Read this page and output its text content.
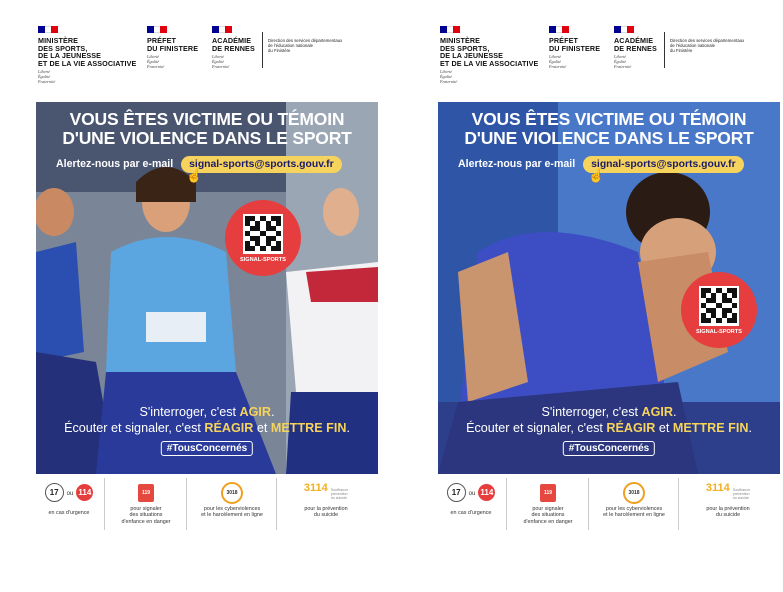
MINISTÈRE
DES SPORTS,
DE LA JEUNESSE
ET DE LA VIE ASSOCIATIVE
Liberté
Égalité
Fraternité
PRÉFET
DU FINISTERE
Liberté
Égalité
Fraternité
ACADÉMIE
DE RENNES
Liberté
Égalité
Fraternité
Direction des services départementaux
de l'éducation nationale
du Finistère
VOUS ÊTES VICTIME OU TÉMOIN
D'UNE VIOLENCE DANS LE SPORT
Alertez-nous par e-mail	signal-sports@sports.gouv.fr
☝
SIGNAL-SPORTS
S'interroger, c'est AGIR.
Écouter et signaler, c'est RÉAGIR et METTRE FIN.
#TousConcernés
17 ou 114
en cas d'urgence
119
pour signaler
des situations
d'enfance en danger
3018
pour les cyberviolences
et le harcèlement en ligne
3114 Souffrance
prévention
du suicide
pour la prévention
du suicide
MINISTÈRE
DES SPORTS,
DE LA JEUNESSE
ET DE LA VIE ASSOCIATIVE
Liberté
Égalité
Fraternité
PRÉFET
DU FINISTERE
Liberté
Égalité
Fraternité
ACADÉMIE
DE RENNES
Liberté
Égalité
Fraternité
Direction des services départementaux
de l'éducation nationale
du Finistère
VOUS ÊTES VICTIME OU TÉMOIN
D'UNE VIOLENCE DANS LE SPORT
Alertez-nous par e-mail	signal-sports@sports.gouv.fr
☝
SIGNAL-SPORTS
S'interroger, c'est AGIR.
Écouter et signaler, c'est RÉAGIR et METTRE FIN.
#TousConcernés
17 ou 114
en cas d'urgence
119
pour signaler
des situations
d'enfance en danger
3018
pour les cyberviolences
et le harcèlement en ligne
3114 Souffrance
prévention
du suicide
pour la prévention
du suicide
